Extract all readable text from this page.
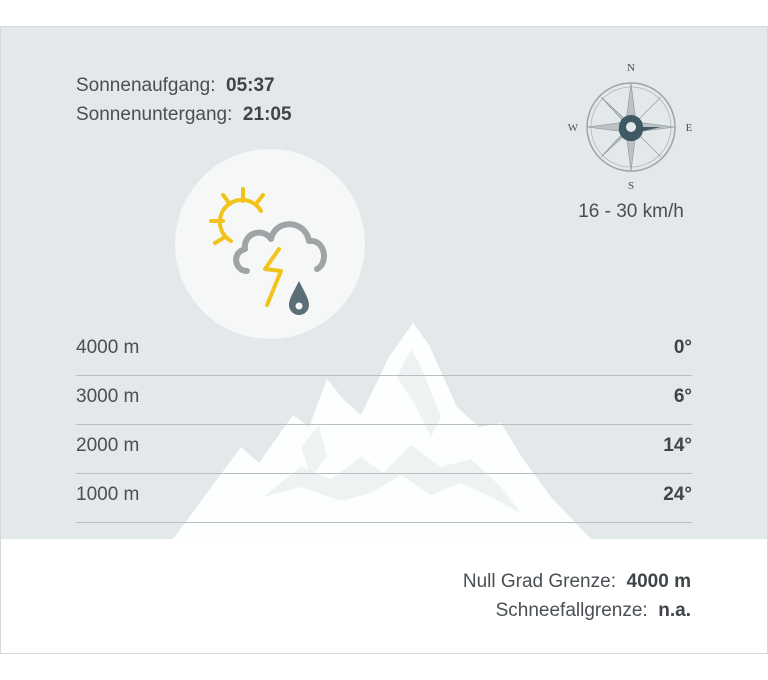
Sonnenaufgang:  05:37
Sonnenuntergang:  21:05
N
E
S
W
16 - 30 km/h
4000 m	0°
3000 m	6°
2000 m	14°
1000 m	24°
Null Grad Grenze:  4000 m
Schneefallgrenze:  n.a.
